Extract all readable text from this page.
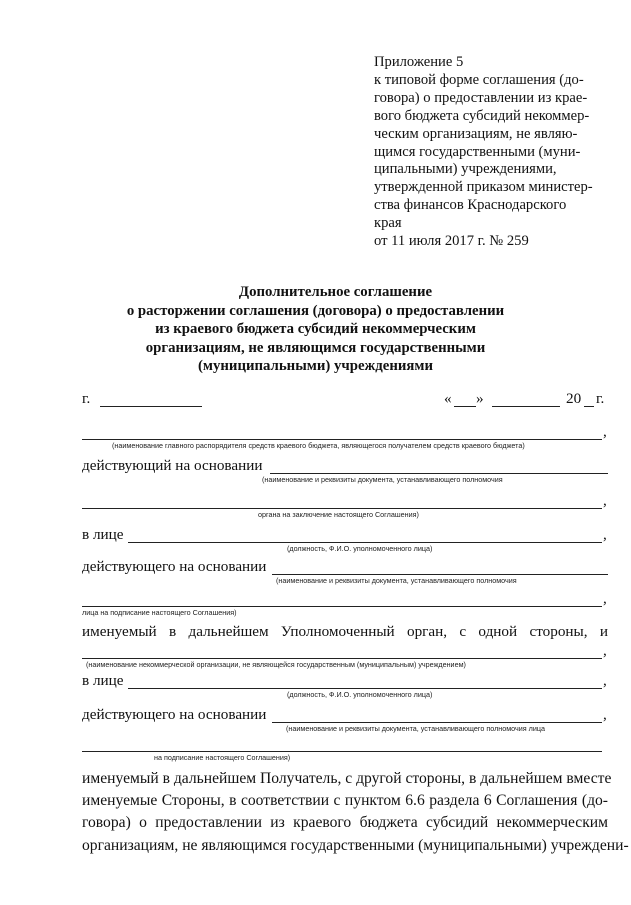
Приложение 5
к типовой форме соглашения (до-
говора) о предоставлении из крае-
вого бюджета субсидий некоммер-
ческим организациям, не являю-
щимся государственными (муни-
ципальными) учреждениями,
утвержденной приказом министер-
ства финансов Краснодарского
края
от 11 июля 2017 г. № 259
Дополнительное соглашение
о расторжении соглашения (договора) о предоставлении
из краевого бюджета субсидий некоммерческим
организациям, не являющимся государственными
(муниципальными) учреждениями
г.	« »	20 г.
,
(наименование главного распорядителя средств краевого бюджета, являющегося получателем средств краевого бюджета)
действующий на основании
(наименование и реквизиты документа, устанавливающего полномочия
,
органа на заключение настоящего Соглашения)
в лице	,
(должность, Ф.И.О. уполномоченного лица)
действующего на основании
(наименование и реквизиты документа, устанавливающего полномочия
,
лица на подписание настоящего Соглашения)
именуемый в дальнейшем Уполномоченный орган, с одной стороны, и
,
(наименование некоммерческой организации, не являющейся государственным (муниципальным) учреждением)
в лице	,
(должность, Ф.И.О. уполномоченного лица)
действующего на основании	,
(наименование и реквизиты документа, устанавливающего полномочия лица
на подписание настоящего Соглашения)
именуемый в дальнейшем Получатель, с другой стороны, в дальнейшем вместе
именуемые Стороны, в соответствии с пунктом 6.6 раздела 6 Соглашения (до-
говора) о предоставлении из краевого бюджета субсидий некоммерческим
организациям, не являющимся государственными (муниципальными) учреждени-
